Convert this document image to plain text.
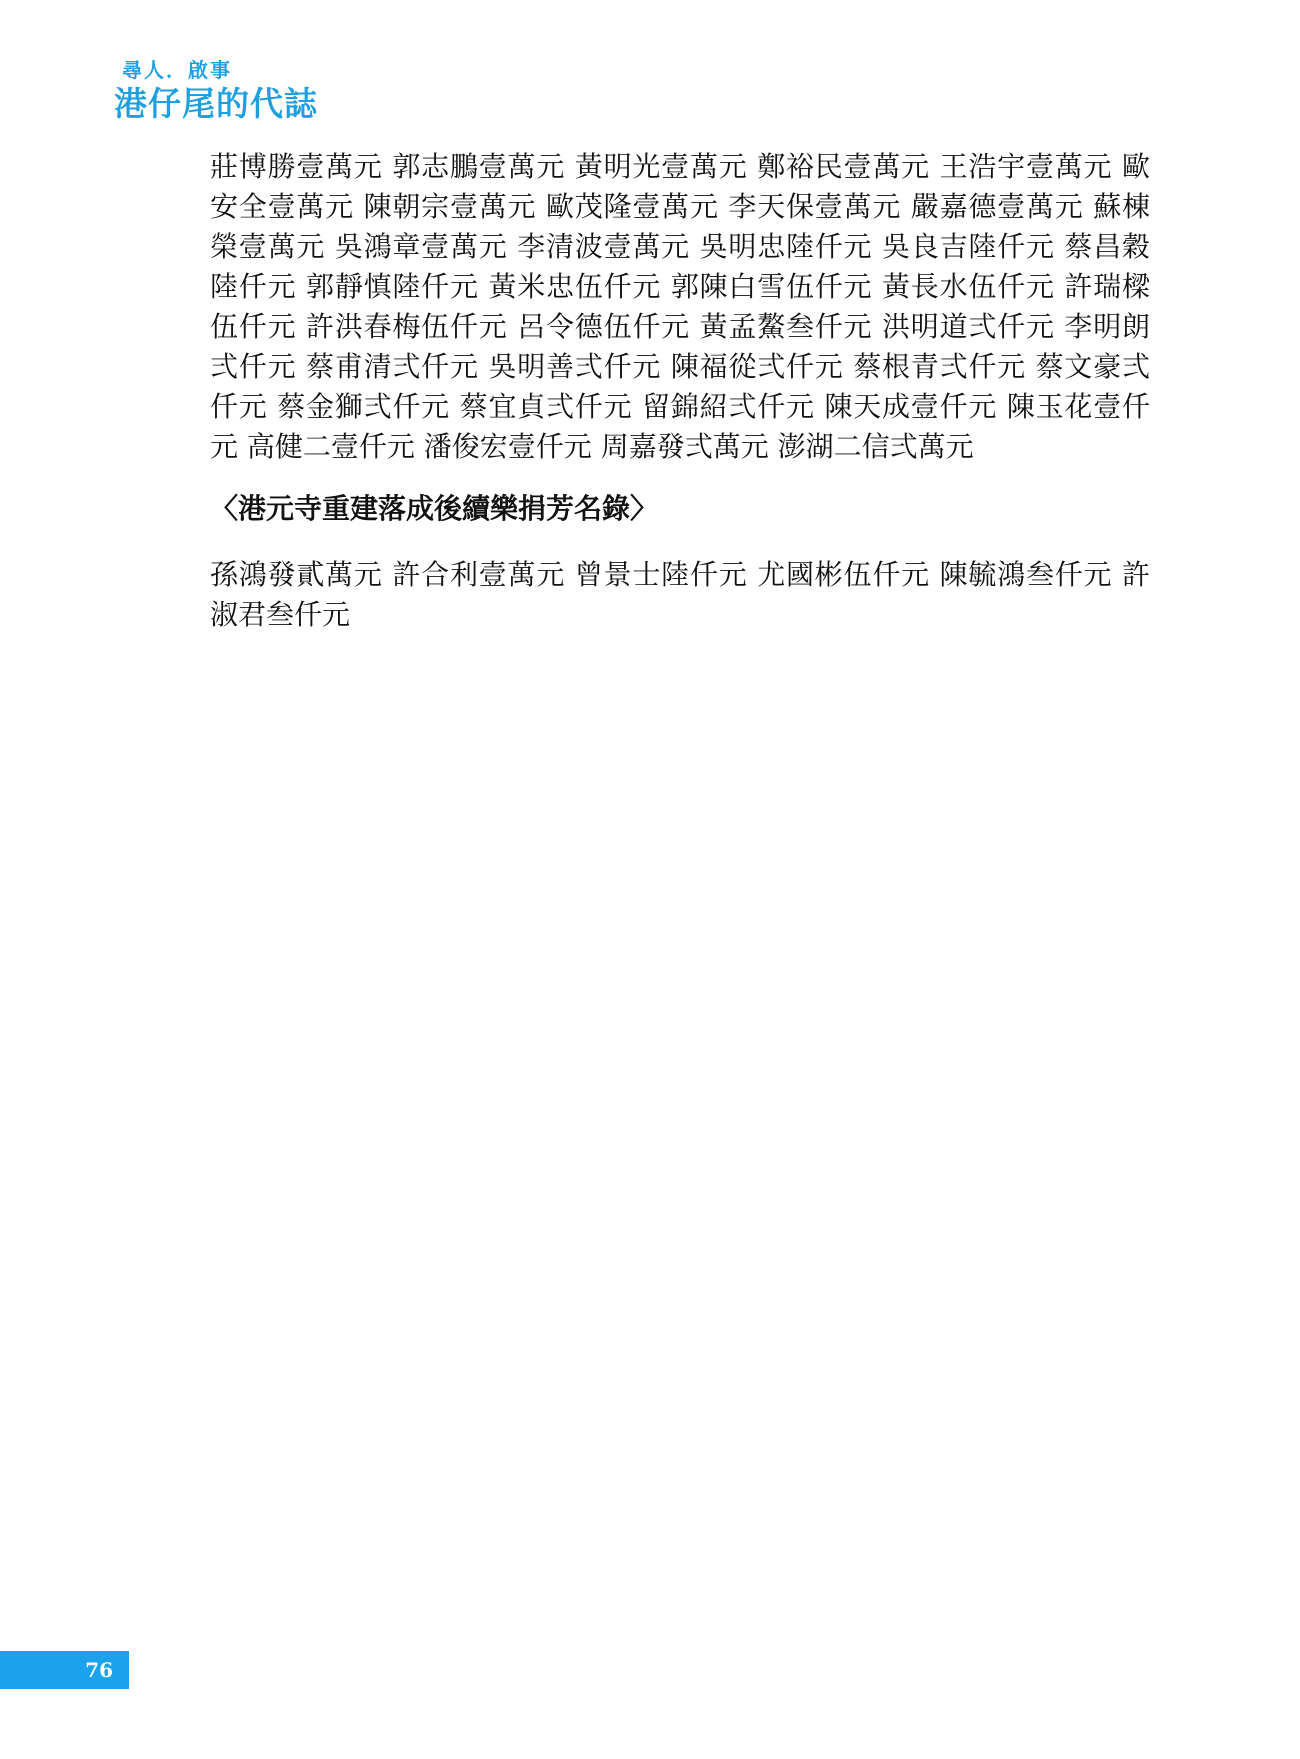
尋人．啟事
港仔尾的代誌

莊博勝壹萬元 郭志鵬壹萬元 黃明光壹萬元 鄭裕民壹萬元 王浩宇壹萬元 歐安全壹萬元 陳朝宗壹萬元 歐茂隆壹萬元 李天保壹萬元 嚴嘉德壹萬元 蘇棟榮壹萬元 吳鴻章壹萬元 李清波壹萬元 吳明忠陸仟元 吳良吉陸仟元 蔡昌穀陸仟元 郭靜慎陸仟元 黃米忠伍仟元 郭陳白雪伍仟元 黃長水伍仟元 許瑞樑伍仟元 許洪春梅伍仟元 呂令德伍仟元 黃孟鰲叁仟元 洪明道弍仟元 李明朗弍仟元 蔡甫清弍仟元 吳明善弍仟元 陳福從弍仟元 蔡根青弍仟元 蔡文豪弍仟元 蔡金獅弍仟元 蔡宜貞弍仟元 留錦紹弍仟元 陳天成壹仟元 陳玉花壹仟元 高健二壹仟元 潘俊宏壹仟元 周嘉發弍萬元 澎湖二信弍萬元

〈港元寺重建落成後續樂捐芳名錄〉

孫鴻發貳萬元 許合利壹萬元 曾景士陸仟元 尤國彬伍仟元 陳毓鴻叁仟元 許淑君叁仟元

76
